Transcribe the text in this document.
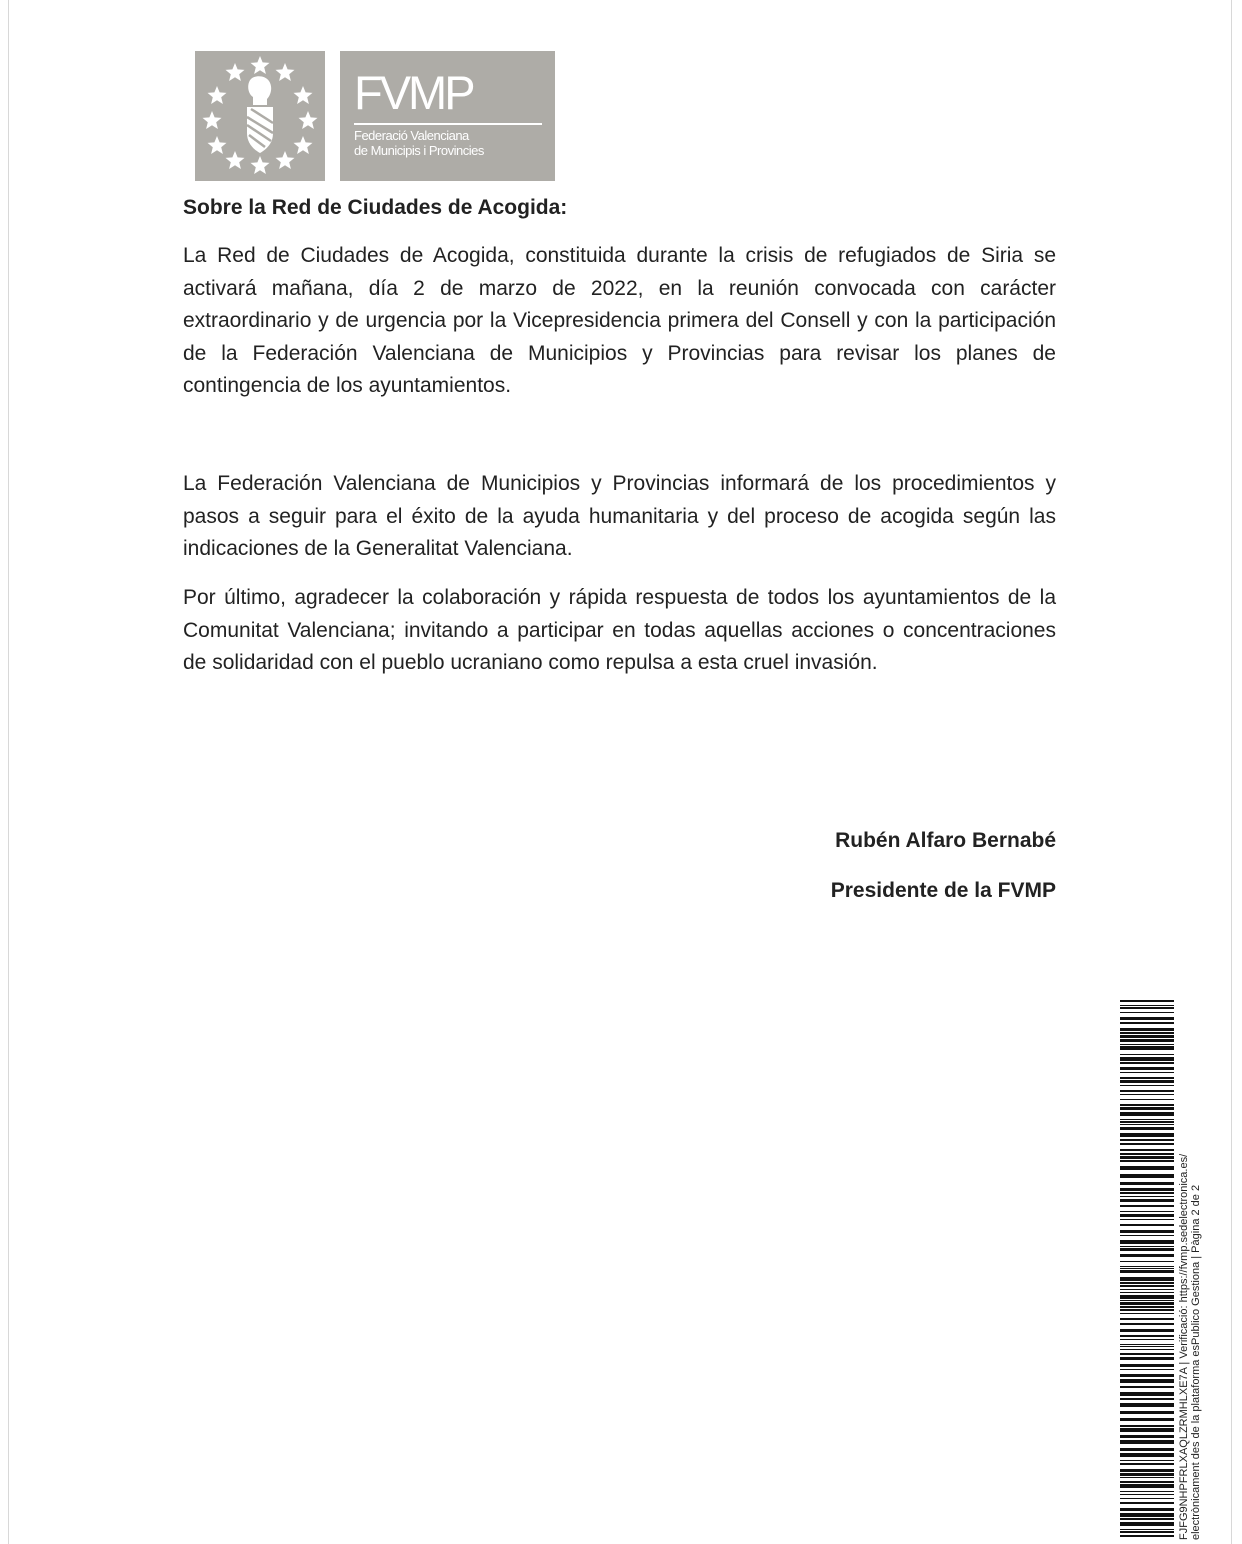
FVMP
Federació Valenciana
de Municipis i Provincies
Sobre la Red de Ciudades de Acogida:

La Red de Ciudades de Acogida, constituida durante la crisis de refugiados de Siria se activará mañana, día 2 de marzo de 2022, en la reunión convocada con carácter extraordinario y de urgencia por la Vicepresidencia primera del Consell y con la participación de la Federación Valenciana de Municipios y Provincias para revisar los planes de contingencia de los ayuntamientos.

La Federación Valenciana de Municipios y Provincias informará de los procedimientos y pasos a seguir para el éxito de la ayuda humanitaria y del proceso de acogida según las indicaciones de la Generalitat Valenciana.

Por último, agradecer la colaboración y rápida respuesta de todos los ayuntamientos de la Comunitat Valenciana; invitando a participar en todas aquellas acciones o concentraciones de solidaridad con el pueblo ucraniano como repulsa a esta cruel invasión.

Rubén Alfaro Bernabé
Presidente de la FVMP
FJFG9NHPFRLXAQLZRMHLXE7A | Verificació: https://fvmp.sedelectronica.es/ electrònicament des de la plataforma esPublico Gestiona | Pàgina 2 de 2
